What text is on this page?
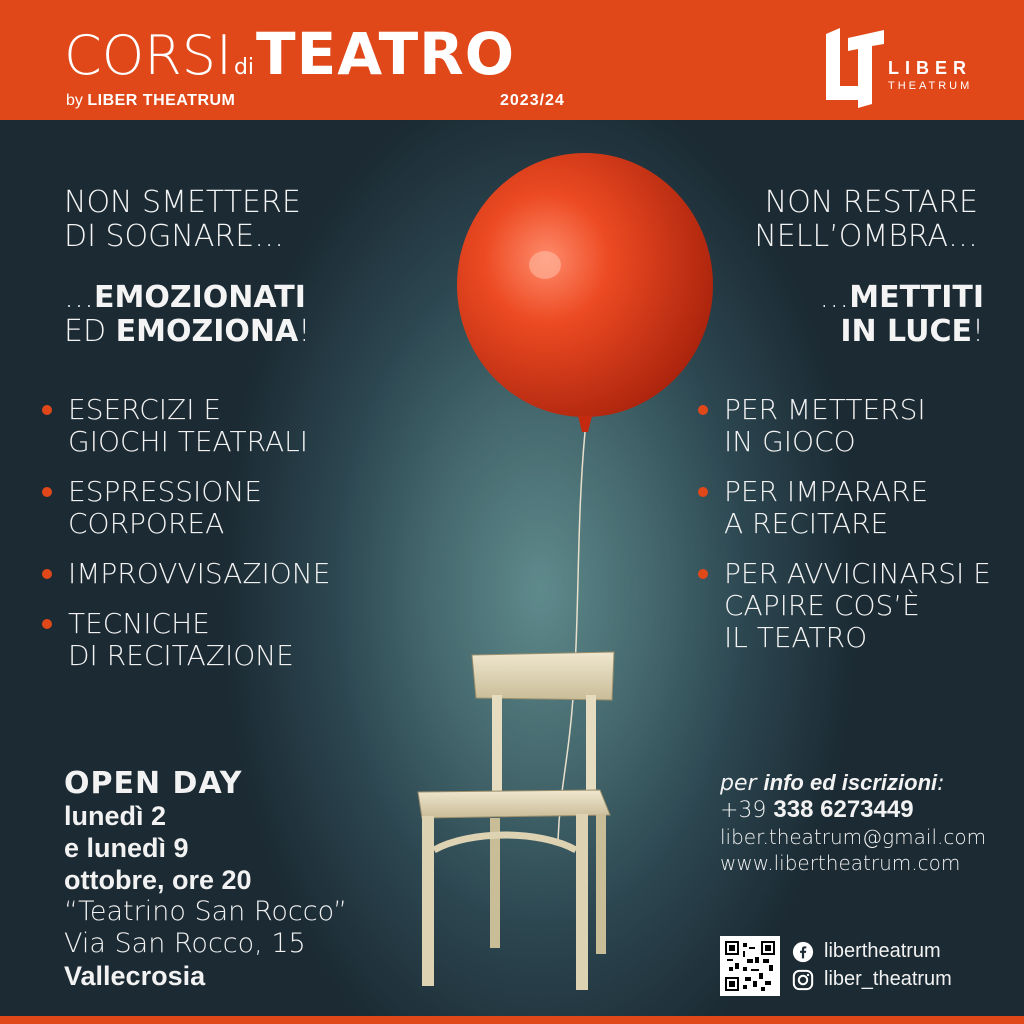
CORSIdiTEATRO
by LIBER THEATRUM	2023/24
LIBER
THEATRUM
NON SMETTERE
DI SOGNARE…
…EMOZIONATI
ED EMOZIONA!
NON RESTARE
NELL’OMBRA…
…METTITI
IN LUCE!
ESERCIZI E
GIOCHI TEATRALI
ESPRESSIONE
CORPOREA
IMPROVVISAZIONE
TECNICHE
DI RECITAZIONE
PER METTERSI
IN GIOCO
PER IMPARARE
A RECITARE
PER AVVICINARSI E
CAPIRE COS’È
IL TEATRO
OPEN DAY
lunedì 2
e lunedì 9
ottobre, ore 20
“Teatrino San Rocco”
Via San Rocco, 15
Vallecrosia
per info ed iscrizioni:
+39 338 6273449
liber.theatrum@gmail.com
www.libertheatrum.com
libertheatrum
liber_theatrum
